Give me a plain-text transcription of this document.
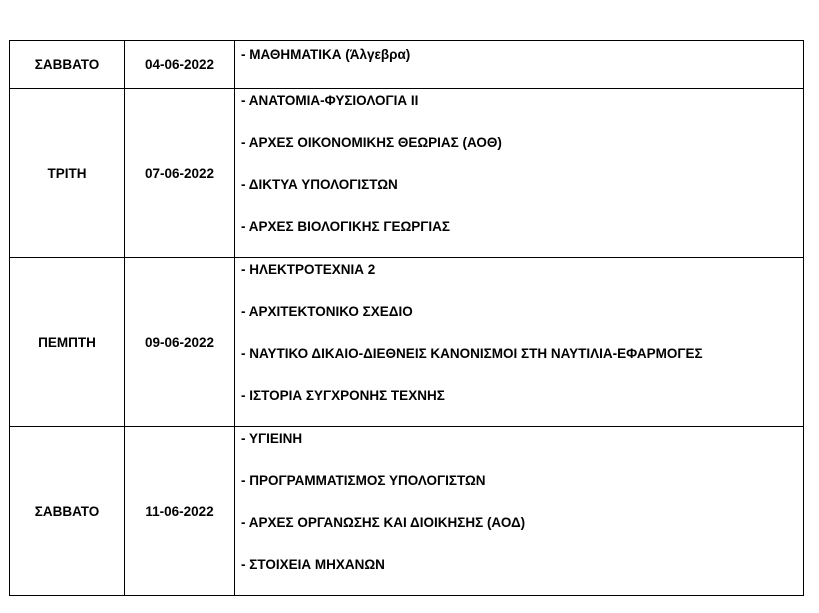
ΣΑΒΒΑΤΟ	04-06-2022	- ΜΑΘΗΜΑΤΙΚΑ (Άλγεβρα)

ΤΡΙΤΗ	07-06-2022	- ΑΝΑΤΟΜΙΑ-ΦΥΣΙΟΛΟΓΙΑ ΙΙ
- ΑΡΧΕΣ ΟΙΚΟΝΟΜΙΚΗΣ ΘΕΩΡΙΑΣ (ΑΟΘ)
- ΔΙΚΤΥΑ ΥΠΟΛΟΓΙΣΤΩΝ
- ΑΡΧΕΣ ΒΙΟΛΟΓΙΚΗΣ ΓΕΩΡΓΙΑΣ

ΠΕΜΠΤΗ	09-06-2022	- ΗΛΕΚΤΡΟΤΕΧΝΙΑ 2
- ΑΡΧΙΤΕΚΤΟΝΙΚΟ ΣΧΕΔΙΟ
- ΝΑΥΤΙΚΟ ΔΙΚΑΙΟ-ΔΙΕΘΝΕΙΣ ΚΑΝΟΝΙΣΜΟΙ ΣΤΗ ΝΑΥΤΙΛΙΑ-ΕΦΑΡΜΟΓΕΣ
- ΙΣΤΟΡΙΑ ΣΥΓΧΡΟΝΗΣ ΤΕΧΝΗΣ

ΣΑΒΒΑΤΟ	11-06-2022	- ΥΓΙΕΙΝΗ
- ΠΡΟΓΡΑΜΜΑΤΙΣΜΟΣ ΥΠΟΛΟΓΙΣΤΩΝ
- ΑΡΧΕΣ ΟΡΓΑΝΩΣΗΣ ΚΑΙ ΔΙΟΙΚΗΣΗΣ (ΑΟΔ)
- ΣΤΟΙΧΕΙΑ ΜΗΧΑΝΩΝ
